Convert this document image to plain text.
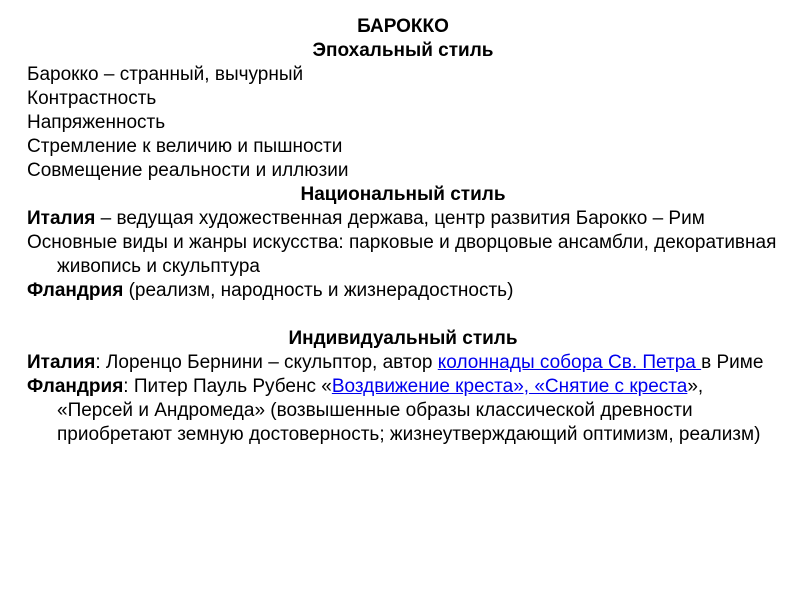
БАРОККО
Эпохальный стиль

Барокко – странный, вычурный

Контрастность

Напряженность

Стремление к величию и пышности

Совмещение реальности и иллюзии

Национальный стиль

Италия – ведущая художественная держава, центр развития Барокко – Рим

Основные виды и жанры искусства: парковые и дворцовые ансамбли, декоративная живопись и скульптура

Фландрия (реализм, народность и жизнерадостность)

Индивидуальный стиль

Италия: Лоренцо Бернини – скульптор, автор колоннады собора Св. Петра в Риме

Фландрия: Питер Пауль Рубенс «Воздвижение креста», «Снятие с креста», «Персей и Андромеда» (возвышенные образы классической древности приобретают земную достоверность; жизнеутверждающий оптимизм, реализм)
